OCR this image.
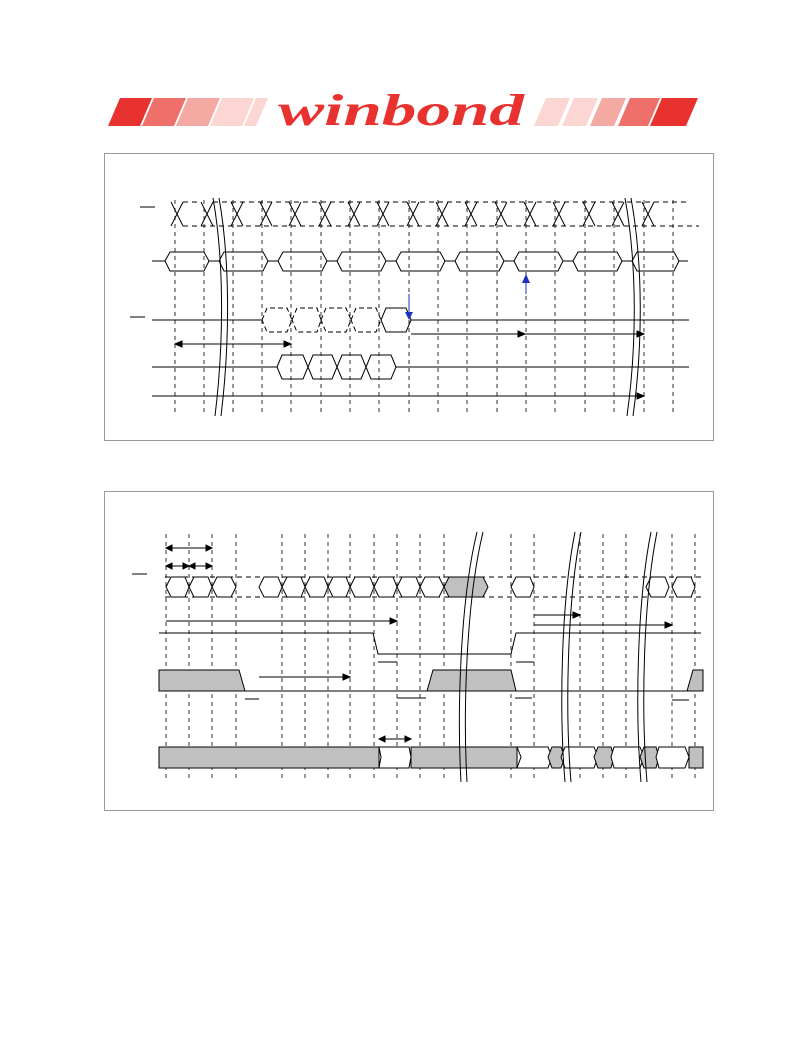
winbond
